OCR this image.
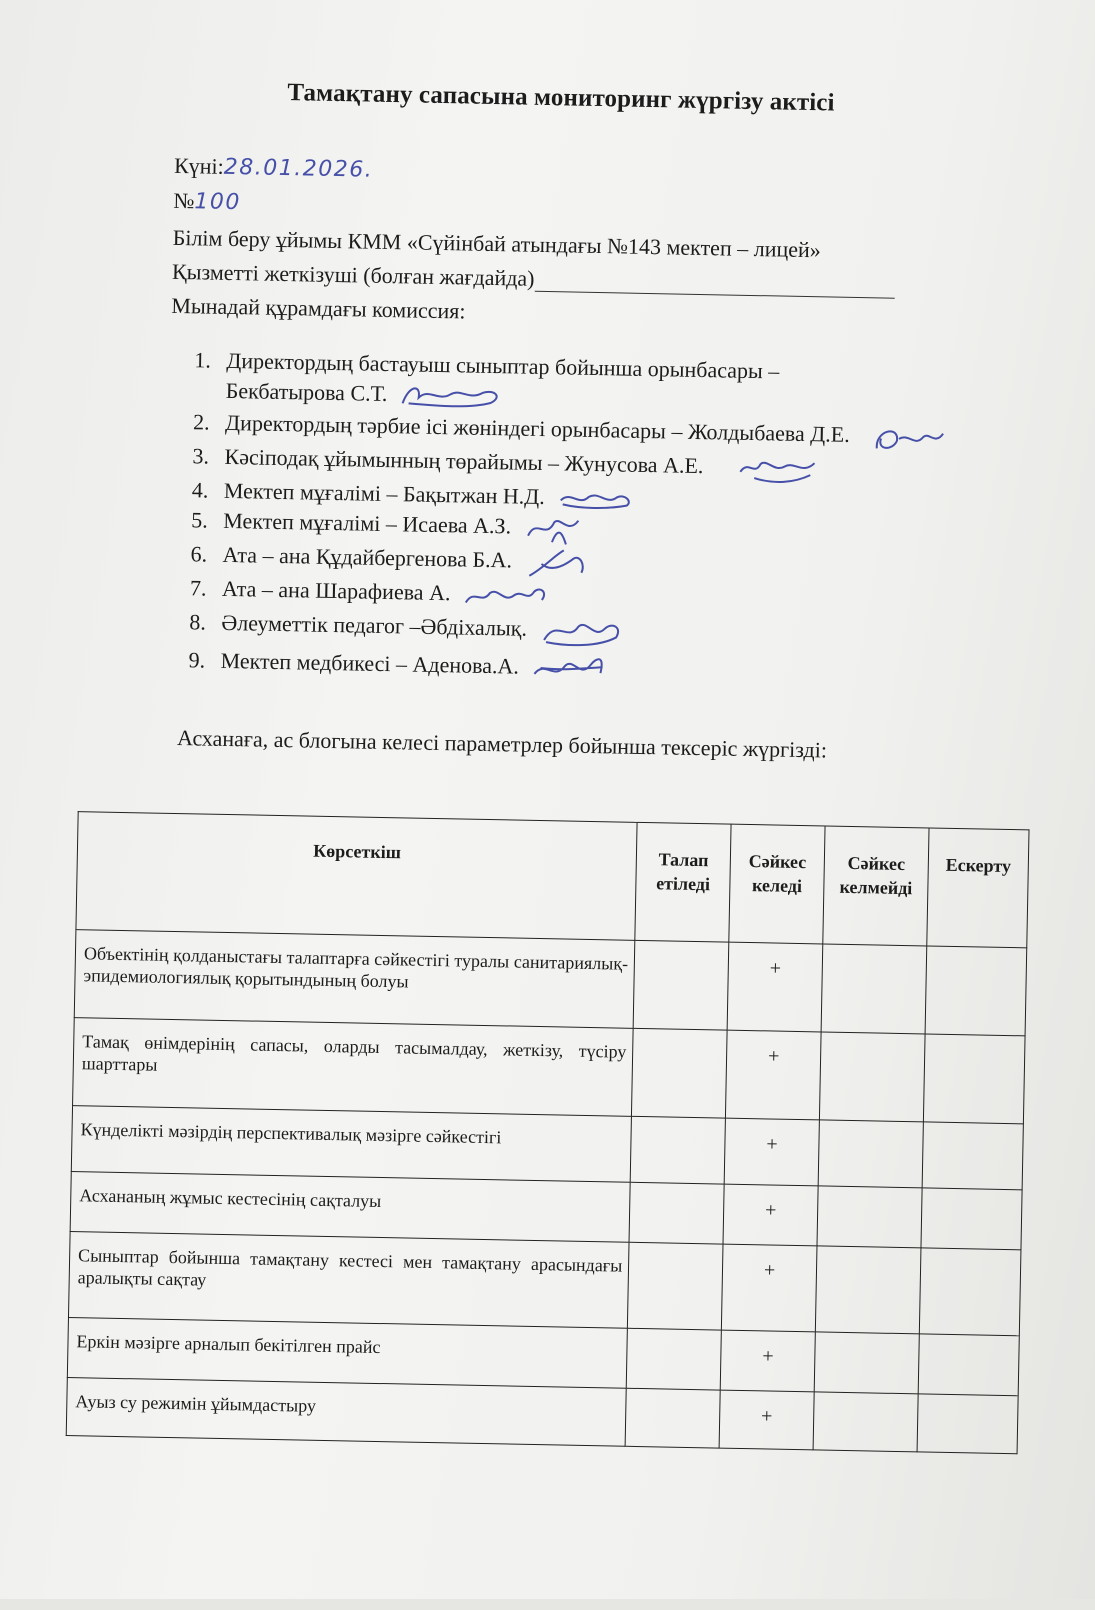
Тамақтану сапасына мониторинг жүргізу актісі
Күні:28.01.2026.
№100
Білім беру ұйымы КММ «Сүйінбай атындағы №143 мектеп – лицей»
Қызметті жеткізуші (болған жағдайда)
Мынадай құрамдағы комиссия:
1. Директордың бастауыш сыныптар бойынша орынбасары – Бекбатырова С.Т.
2. Директордың тәрбие ісі жөніндегі орынбасары – Жолдыбаева Д.Е.
3. Кәсіподақ ұйымынның төрайымы – Жунусова А.Е.
4. Мектеп мұғалімі – Бақытжан Н.Д.
5. Мектеп мұғалімі – Исаева А.З.
6. Ата – ана Құдайбергенова Б.А.
7. Ата – ана Шарафиева А.
8. Әлеуметтік педагог –Әбдіхалық.
9. Мектеп медбикесі – Аденова.А.
Асханаға, ас блогына келесі параметрлер бойынша тексеріс жүргізді:
Көрсеткіш	Талап етіледі	Сәйкес келеді	Сәйкес келмейді	Ескерту
Объектінің қолданыстағы талаптарға сәйкестігі туралы санитариялық-эпидемиологиялық қорытындының болуы		+		
Тамақ өнімдерінің сапасы, оларды тасымалдау, жеткізу, түсіру шарттары		+		
Күнделікті мәзірдің перспективалық мәзірге сәйкестігі		+		
Асхананың жұмыс кестесінің сақталуы		+		
Сыныптар бойынша тамақтану кестесі мен тамақтану арасындағы аралықты сақтау		+		
Еркін мәзірге арналып бекітілген прайс		+		
Ауыз су режимін ұйымдастыру		+		
